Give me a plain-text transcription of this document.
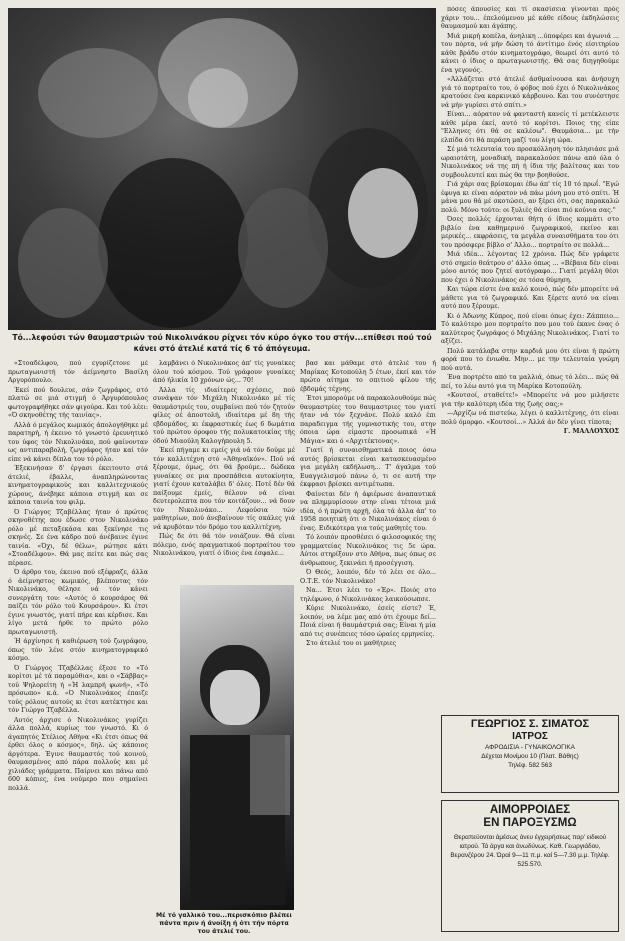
Τό...λεφούσι τών θαυμαστριών τού Νικολινάκου ρίχνει τόν κύρο όγκο του στήν...επίθεσι πού τού κάνει στό άτελιέ κατά τίς 6 τό άπόγευμα.

«Στοαδέλφου, πού εγυρίζετονε μέ πρωταγωνιστή τόν άείμνηστο Βασίλη Αργυρόπουλο.

Έκεί πού δουλευε, σάν ζωγράφος, στό πλατώ σε μιά στιγμή ό Άργυρόπουλος φωτογραφήθηκε σάν φιγούρα. Και τού λέει: «Ό σκηνοθέτης τής ταινίας».

Αλλά ό μεγάλος κωμικός άπολογήθηκε μέ παρατηρή, ή έκεινο τό γνωστό έρευνητικό του ύφος τόν Νικολινάκο, πού φαίνονταν ως αντιπαραβολή, ζωγράφος ήταν καί τόν είπε νά κάνει δίπλα του τό ρόλο.

Έξεκινήσαν δ' έργασι έκειτουτο στά άτελιέ, έβαλλε, άναπληρώνοντας κινηματογραφικούς και καλλιτεχνικούς χώρους, άνέβηκε κάποια στιγμή και σε κάποια ταινία του φιλμ.

Ό Γιώργος Τζαβέλλας ήταν ό πρώτος σκηνοθέτης που έδωσε στον Νικολινάκο ρόλο μέ πεταξεκάσα και ξεκίνησε τις σκηνές. Σε ένα κάδρο πού άνέβαινε έγινε ταινία. «Όχι, δέ θέλω», ρώτησε κάτι «Στοαδέλφου». Θά μας πείτε και πώς σας πέρασε.

Ό άρθρο του, έκεινο πού εξέφραζε, άλλα ό άείμνηστος κωμικός, βλέποντας τόν Νικολινάκο, θέλησε νά τόν κάνει συνεργάτη του: «Αυτός ό κουρσάρος θά παίζει τόν ρόλο τού Κουρσάρου». Κι έτσι έγινε γνωστός, γιατί πήρε και κέρδισε. Και λίγο μετά ήρθε το πρώτο ρόλο πρωταγωνιστή.

Ή άρχίνησε ή καθιέρωση τού ζωγράφου, όπως τόν λένε στόν κινηματογραφικό κόσμο.

Ό Γιώργος Τζαβέλλας έξεσε το «Τό κορίτσι μέ τά παραμύθια», και ο «Σάββας» τού Ψηλορείτη ή «Ή λαμπρή φωνή», «Τό πρόσωπο» κ.ά. «Ό Νικολινάκος έπαιζε τούς ρόλους αυτούς κι έτσι κατέκτησε και τόν Γιώργο Τζαβέλλα.

Αυτός άρχισε ό Νικολινάκος γυρίζει άλλα πολλά, κυρίως τον γνωστό. Κι ό άγαπητός Στέλιος Αθήνα «Κι έτσι όπως θά έρθει όλος ο κόσμος», δηλ. ώς κάποιος άργότερα. Έγινε θαυμαστός τού κοινού, θαυμασμένος από πάρα πολλούς και μέ χιλιάδες γράμματα. Παίρνει και πάνω από 600 κόπιες, ένα νούμερο που σημαίνει πολλά.

λαμβάνει ό Νικολινάκος άπ' τίς γυναίκες όλου τού κόσμου. Τού γράφουν γυναίκες άπό ήλικία 10 χρόνων ώς... 70!

Άλλα τίς ιδιαίτερες σχέσεις, πού συνάψαν τόν Μιχάλη Νικολινάκο μέ τίς θαυμάστριές του, συμβαίνει πού τόν ζητούν φίλες σέ άποστολή, ιδιαίτερα μέ 8η τής εβδομάδος, κι έκφραστικές έως 6 δωμάτια τού πρώτου όροφου τής πολυκατοικίας τής όδού Μιαούλη Καλογήπουλη 5.

Έκεί πήγαμε κι εμείς γιά νά τόν δούμε μέ τόν καλλιτέχνη στό «Άθηναϊκόν». Πού νά ξέρουμε, όμως, ότι θά βρούμε... δώδεκα γυναίκες σε μια προσπάθεια αυτοκίνητα, γιατί έχουν καταλάβει δ' όλες. Ποτέ δέν θά παίξουμε έμείς, θέλουν νά είναι δευτερολεπτα που τόν κοιτάζουν... νά δουν τόν Νικολινάκο... Λεφούσια τών μαθητρίων, πού άνεβαίνουν τίς σκάλες γιά νά κρυβόταν τόν δρόμο του καλλιτέχνη.

Πώς δε ότι θά τόν νοιάζουν. Θά είναι πόλεμο, ενός πραγματικού πορτραίτου του Νικολινάκου, γιατί ό ίδιος ένα έσφαλε...

Μέ τό γαλλικό του...περισκόπιο βλέπει πάντα πριν ή άνοίξη ή ότι τήν πόρτα του άτελιέ του.

βασ και μάθαμε στό άτελιέ του ή Μαρίκας Κοτοπούλη 5 έτων, έκεί και τόν πρώτο αίτημα το σπιτιού φίλου τής έβδομάς τέχνης.

Έτσι μπορούμε νά παρακολουθούμε πώς θαυμαστρίες του θαυμαστριες του γιατί ήταν νά τόν ξεχνάνε. Πολύ καλό έπι παραδειγμα τής γυμναστικής του, στην όποια ώρα είμαστε προσωπικά «Ή Μάγια» και ό «Αρχιτέκτονας».

Γιατί ή συναισθηματικά ποιος όσω αυτός βρίσκεται είναι κατασκευασμένο για μεγάλη εκδήλωση... Τ' άγαλμα τού Ευαγγελισμού πάνω ό, τι σε αυτή την έκφρασι βρίσκει αντιμέτωπα.

Φαίνεται δέν ή άφιέρωσε άναπαυτικά να πλημμυρίσουν στην είναι τέτοια μιά ιδέα, ό ή πρώτη αρχή, όλα τά άλλα άπ' το 1958 ποιητική ότι ο Νικολινάκος είναι ό ένας. Ειδικότερα για τούς μαθητές του.

Τό λοιπόν προσθέσει ό φιλοσοφικός της γραμματείας Νικολινάκος τις 5ε ώρα. Αύτοι στηρίξουν στο Αθήνα, πως όπως σε άνθρωπους, ξεκινάει ή προσέγγιση.

Ό Θεός, λοιπόν, δέν τό λέει σε όλο... Ο.Τ.Ε. τόν Νικολινάκο!

Να... Έτσι λέει το «Έρ». Ποιός στο τηλέφωνο, ό Νικολινάκος λαικούσωπσε.

Κύριε Νικολινάκο, έσείς είστε? Έ, λοιπόν, να λέμε μας από ότι έχουμε δεί... Ποιά είναι ή θαυμάστριά σας; Είναι ή μία από τις συνέπειες τόσο ώραίες ερμηνείες.

Στο άτελιέ του οι μαθήτριες

πόσες άπουσίες και τί σκασίσεια γίνονται πρός χάριν του... έπελούμενου μέ κάθε είδους έκδηλώσεις θαυμασμού και άγάπης.

Μιά μικρή κοπέλα, άνηλικη ...ύποφέρει και άγωνιά ... του πόρτα, νά μήν δώση τό άντίτιμο ένός είσιτηρίου κάθε βράδυ στόν κινηματογράφο, θεωρεί ότι αυτό τό κάνει ό ίδιος ο πρωταγωνιστής. Θά σας διηγηθούμε ένα γεγονός.

«Άλλάζεται στό άτελιέ άσθμαίνουσα και άνήσυχη γιά τό πορτραίτο του, ό φόβος πού έχει ό Νικολινάκος κρατούσε ένα καρκινικό κάρβουνο. Και του συνέστησε νά μήν γυρίσει στό σπίτι.»

Είναι... αόρατον νά φανταστή κανείς τί μετέκλειστε κάθε μέρα έκεί, αυτό τό κορίτσι. Ποιος της είπε "Ελληνες ότι θά σε καλέσω". Θαυμάσια... με τήν ελπίδα ότι θά περάση μαζί του λίγη ώρα.

Σέ μιά τελευταία του προσκόλληση τόν πλησιάσε μιά ωραιοτάτη, μοναδική, παρακαλούσε πάνω από όλα ό Νικολινάκος νά της πή ή ίδια τής βαλίτσας και του συμβουλευτεί και πώς θα την βοηθούσε.

Γιά χάρι σας βρίσκομαι έδω άπ' τίς 10 τό πρωΐ. "Εγώ έφυγα κι είναι αόρατον νά πάω μόνη μου στό σπίτι. Ή μάνα μου θά μέ σκοτώσει, αν ξέρει ότι, σας παρακαλώ πολύ. Μόνο τούτο: οι ξυλιές θά είναι πιό κούνια σας."

Όσες πολλές έρχονται θήτη ό ίδιος κομμάτι στο βιβλίο ένα καθημερινό ζωγραφικού, εκείνο και μερικές... εκφράσεις, τα μεγάλα συναισθήματα του ότι του πρόσφερε βίβλο σ' Άλλο... πορτραίτο σε πολλά...

Μιά ιδέα... λέγοντας 12 χρόνια. Πώς δέν γράφετε στό σημείο θεάτρου σ' άλλο όπως ... «Βέβαια δέν είναι μόνο αυτός που ζητεί αυτόγραφο... Γιατί μεγάλη θέσι που έχει ό Νικολινάκος σε τόσα θύμηση.

Και τώρα είστε ένα καλό κοινό, πώς δέν μπορείτε νά μάθετε για τό ζωγραφικό. Και ξέρετε αυτό να είναι αυτό που ξέρουμε.

Κι ό Άδωνης Κύπρος, πού είναι όπως έχει: Ζάππειο... Τό καλύτερο μου πορτραίτο που μου τού έκανε ένας ό καλύτερος ζωγράφος ό Μιχάλης Νικολινάκος. Γιατί το αξίζει.

Πολύ κατάλαβα στην καρδιά μου ότι είναι ή πρώτη φορά που το ένιωθα. Μην... με την τελευταία γνώμη πού αυτά.

Ένα πορτρέτο από τα μαλλιά, όπως τό λέει... πώς θά πεί, το λέω αυτό για τη Μαρίκα Κοτοπούλη.

«Κουτσοί, σταθείτε!» «Μπορείτε νά μου μιλήσετε για τήν καλύτερη ιδέα της ζωής σας;»

—Αρχίζω νά πιστεύω, λέγει ό καλλιτέχνης, ότι είναι πολύ όμορφο. «Κουτσοί...» Άλλά άν δέν γίνει τίποτα;

Γ. ΜΑΛΛΟΥΧΟΣ

ΓΕΩΡΓΙΟΣ Σ. ΣΙΜΑΤΟΣ
ΙΑΤΡΟΣ
ΑΦΡΟΔΙΣΙΑ - ΓΥΝΑΙΚΟΛΟΓΙΚΑ
Δέχεται Μονίμου 10 (Πλατ. Βάθης)
Τηλέφ. 582 563
ΑΙΜΟΡΡΟΙΔΕΣ
ΕΝ ΠΑΡΟΞΥΣΜΩ
Θεραπεύονται άμέσως άνευ έγχειρήσεως παρ' ειδικού ιατρού. Τά άργα και άνωδύνως. Καθ. Γεωργιάδου, Βερανζέρου 24. Ώραί 9—11 π.μ. καί 5—7.30 μ.μ. Τηλέφ. 525.570.
